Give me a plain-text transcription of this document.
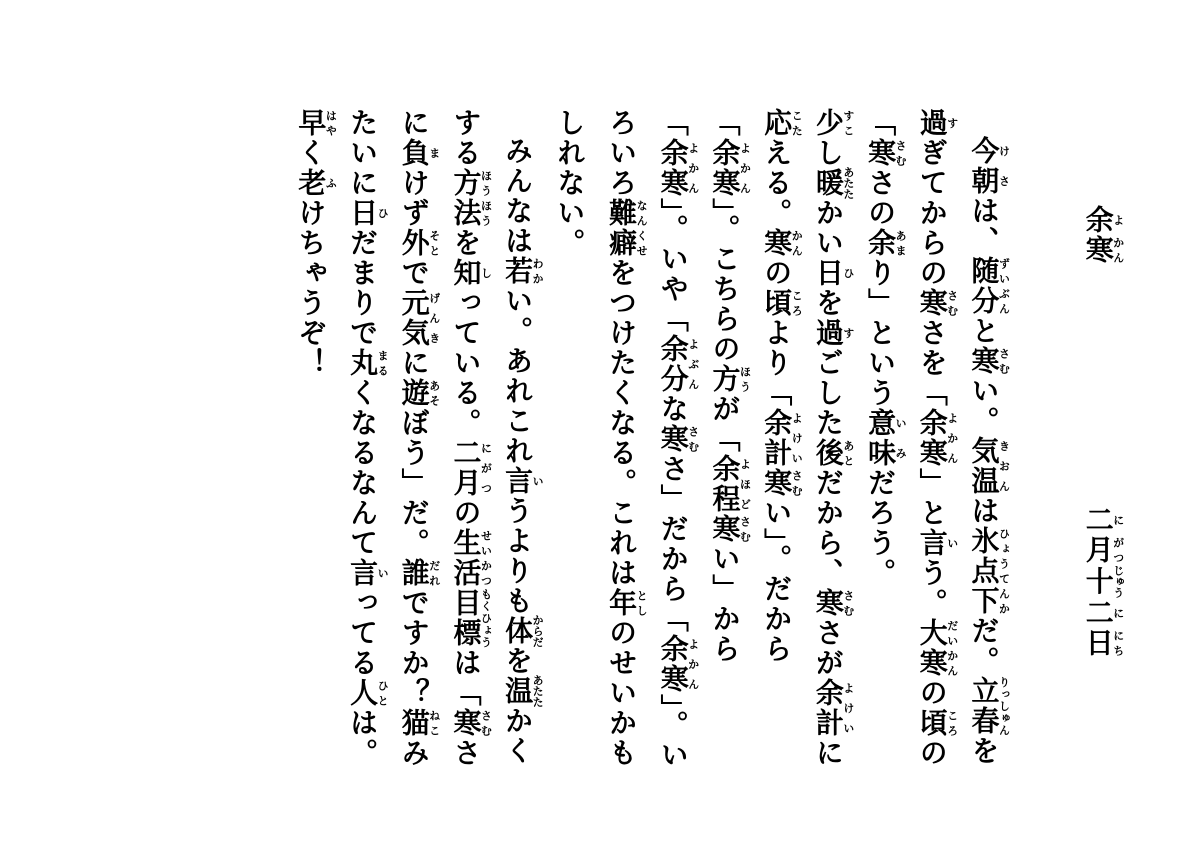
余よ寒かん
二に月がつ十じゅう二に日にち

今朝けさは、随分ずいぶんと寒さむい。気温きおんは氷点下ひょうてんかだ。立春りっしゅんを過すぎてからの寒さむさを「余寒よかん」と言いう。大寒だいかんの頃ころの「寒さむさの余あまり」という意味いみだろう。

少すこし暖あたたかい日ひを過すごした後あとだから、寒さむさが余計よけいに応こたえる。寒かんの頃ころより「余計よけい寒さむい」。だから「余寒よかん」。こちらの方ほうが「余程よほど寒さむい」から「余寒よかん」。いや「余分よぶんな寒さむさ」だから「余寒よかん」。いろいろ難癖なんくせをつけたくなる。これは年としのせいかもしれない。

みんなは若わかい。あれこれ言いうよりも体からだを温あたたかくする方法ほうほうを知しっている。二月にがつの生活せいかつ目標もくひょうは「寒さむさに負まけず外そとで元気げんきに遊あそぼう」だ。誰だれですか？猫ねこみたいに日ひだまりで丸まるくなるなんて言いってる人ひとは。早はやく老ふけちゃうぞ！
